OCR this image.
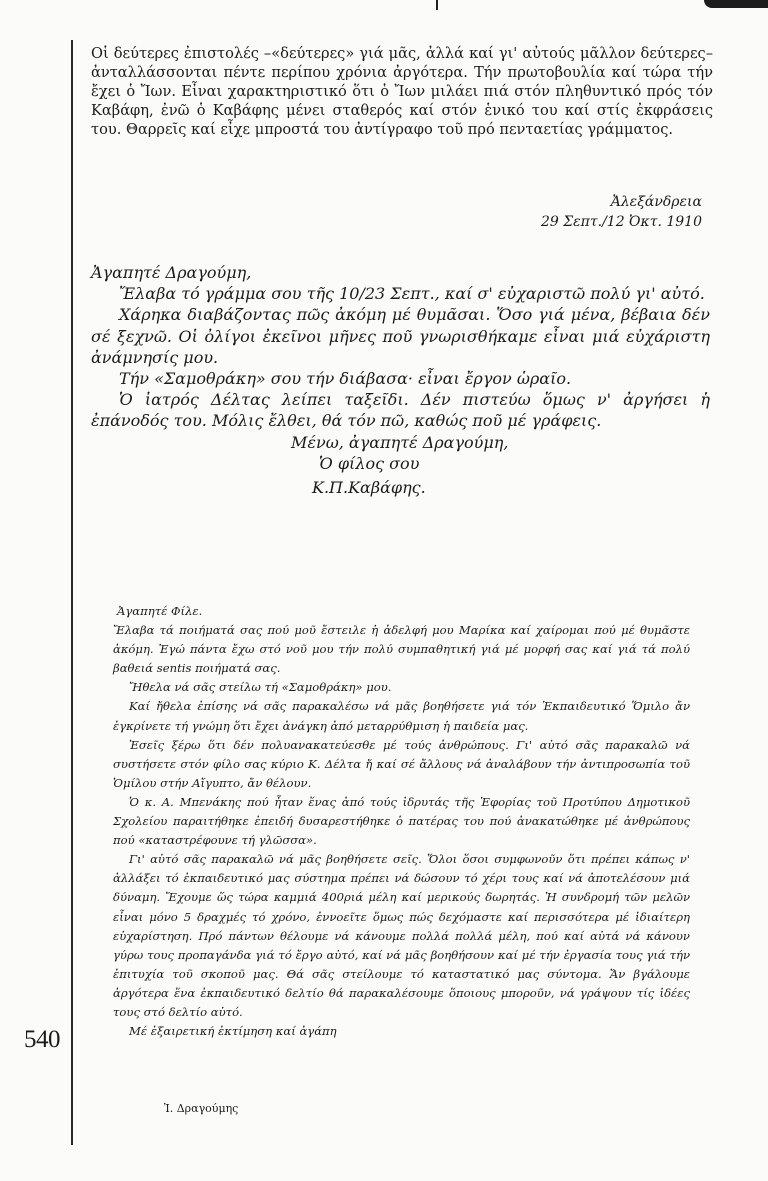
540

Οἱ δεύτερες ἐπιστολές –«δεύτερες» γιά μᾶς, ἀλλά καί γι' αὐτούς μᾶλλον δεύτερες– ἀνταλλάσσονται πέντε περίπου χρόνια ἀργότερα. Τήν πρωτοβουλία καί τώρα τήν ἔχει ὁ Ἴων. Εἶναι χαρακτηριστικό ὅτι ὁ Ἴων μιλάει πιά στόν πληθυντικό πρός τόν Καβάφη, ἐνῶ ὁ Καβάφης μένει σταθερός καί στόν ἑνικό του καί στίς ἐκφράσεις του. Θαρρεῖς καί εἶχε μπροστά του ἀντίγραφο τοῦ πρό πενταετίας γράμματος.

Ἀλεξάνδρεια
29 Σεπτ./12 Ὀκτ. 1910

Ἀγαπητέ Δραγούμη,

Ἔλαβα τό γράμμα σου τῆς 10/23 Σεπτ., καί σ' εὐχαριστῶ πολύ γι' αὐτό.

Χάρηκα διαβάζοντας πῶς ἀκόμη μέ θυμᾶσαι. Ὅσο γιά μένα, βέβαια δέν σέ ξεχνῶ. Οἱ ὀλίγοι ἐκεῖνοι μῆνες ποῦ γνωρισθήκαμε εἶναι μιά εὐχάριστη ἀνάμνησίς μου.

Τήν «Σαμοθράκη» σου τήν διάβασα· εἶναι ἔργον ὡραῖο.

Ὁ ἰατρός Δέλτας λείπει ταξεῖδι. Δέν πιστεύω ὅμως ν' ἀργήσει ἡ ἐπάνοδός του. Μόλις ἔλθει, θά τόν πῶ, καθώς ποῦ μέ γράφεις.

Μένω, ἀγαπητέ Δραγούμη,

Ὁ φίλος σου

Κ.Π.Καβάφης.

Ἀγαπητέ Φίλε.

Ἔλαβα τά ποιήματά σας πού μοῦ ἔστειλε ἡ ἀδελφή μου Μαρίκα καί χαίρομαι πού μέ θυμᾶστε ἀκόμη. Ἐγώ πάντα ἔχω στό νοῦ μου τήν πολύ συμπαθητική γιά μέ μορφή σας καί γιά τά πολύ βαθειά sentis ποιήματά σας.

Ἤθελα νά σᾶς στείλω τή «Σαμοθράκη» μου.

Καί ἤθελα ἐπίσης νά σᾶς παρακαλέσω νά μᾶς βοηθήσετε γιά τόν Ἐκπαιδευτικό Ὅμιλο ἄν ἐγκρίνετε τή γνώμη ὅτι ἔχει ἀνάγκη ἀπό μεταρρύθμιση ἡ παιδεία μας.

Ἐσεῖς ξέρω ὅτι δέν πολυανακατεύεσθε μέ τούς ἀνθρώπους. Γι' αὐτό σᾶς παρακαλῶ νά συστήσετε στόν φίλο σας κύριο Κ. Δέλτα ἤ καί σέ ἄλλους νά ἀναλάβουν τήν ἀντιπροσωπία τοῦ Ὁμίλου στήν Αἴγυπτο, ἄν θέλουν.

Ὁ κ. Α. Μπενάκης πού ἦταν ἕνας ἀπό τούς ἱδρυτάς τῆς Ἐφορίας τοῦ Προτύπου Δημοτικοῦ Σχολείου παραιτήθηκε ἐπειδή δυσαρεστήθηκε ὁ πατέρας του πού ἀνακατώθηκε μέ ἀνθρώπους πού «καταστρέφουνε τή γλῶσσα».

Γι' αὐτό σᾶς παρακαλῶ νά μᾶς βοηθήσετε σεῖς. Ὅλοι ὅσοι συμφωνοῦν ὅτι πρέπει κάπως ν' ἀλλάξει τό ἐκπαιδευτικό μας σύστημα πρέπει νά δώσουν τό χέρι τους καί νά ἀποτελέσουν μιά δύναμη. Ἔχουμε ὥς τώρα καμμιά 400ριά μέλη καί μερικούς δωρητάς. Ἡ συνδρομή τῶν μελῶν εἶναι μόνο 5 δραχμές τό χρόνο, ἐννοεῖτε ὅμως πώς δεχόμαστε καί περισσότερα μέ ἰδιαίτερη εὐχαρίστηση. Πρό πάντων θέλουμε νά κάνουμε πολλά πολλά μέλη, πού καί αὐτά νά κάνουν γύρω τους προπαγάνδα γιά τό ἔργο αὐτό, καί νά μᾶς βοηθήσουν καί μέ τήν ἐργασία τους γιά τήν ἐπιτυχία τοῦ σκοποῦ μας. Θά σᾶς στείλουμε τό καταστατικό μας σύντομα. Ἄν βγάλουμε ἀργότερα ἕνα ἐκπαιδευτικό δελτίο θά παρακαλέσουμε ὅποιους μποροῦν, νά γράψουν τίς ἰδέες τους στό δελτίο αὐτό.

Μέ ἐξαιρετική ἐκτίμηση καί ἀγάπη

Ἰ. Δραγούμης
